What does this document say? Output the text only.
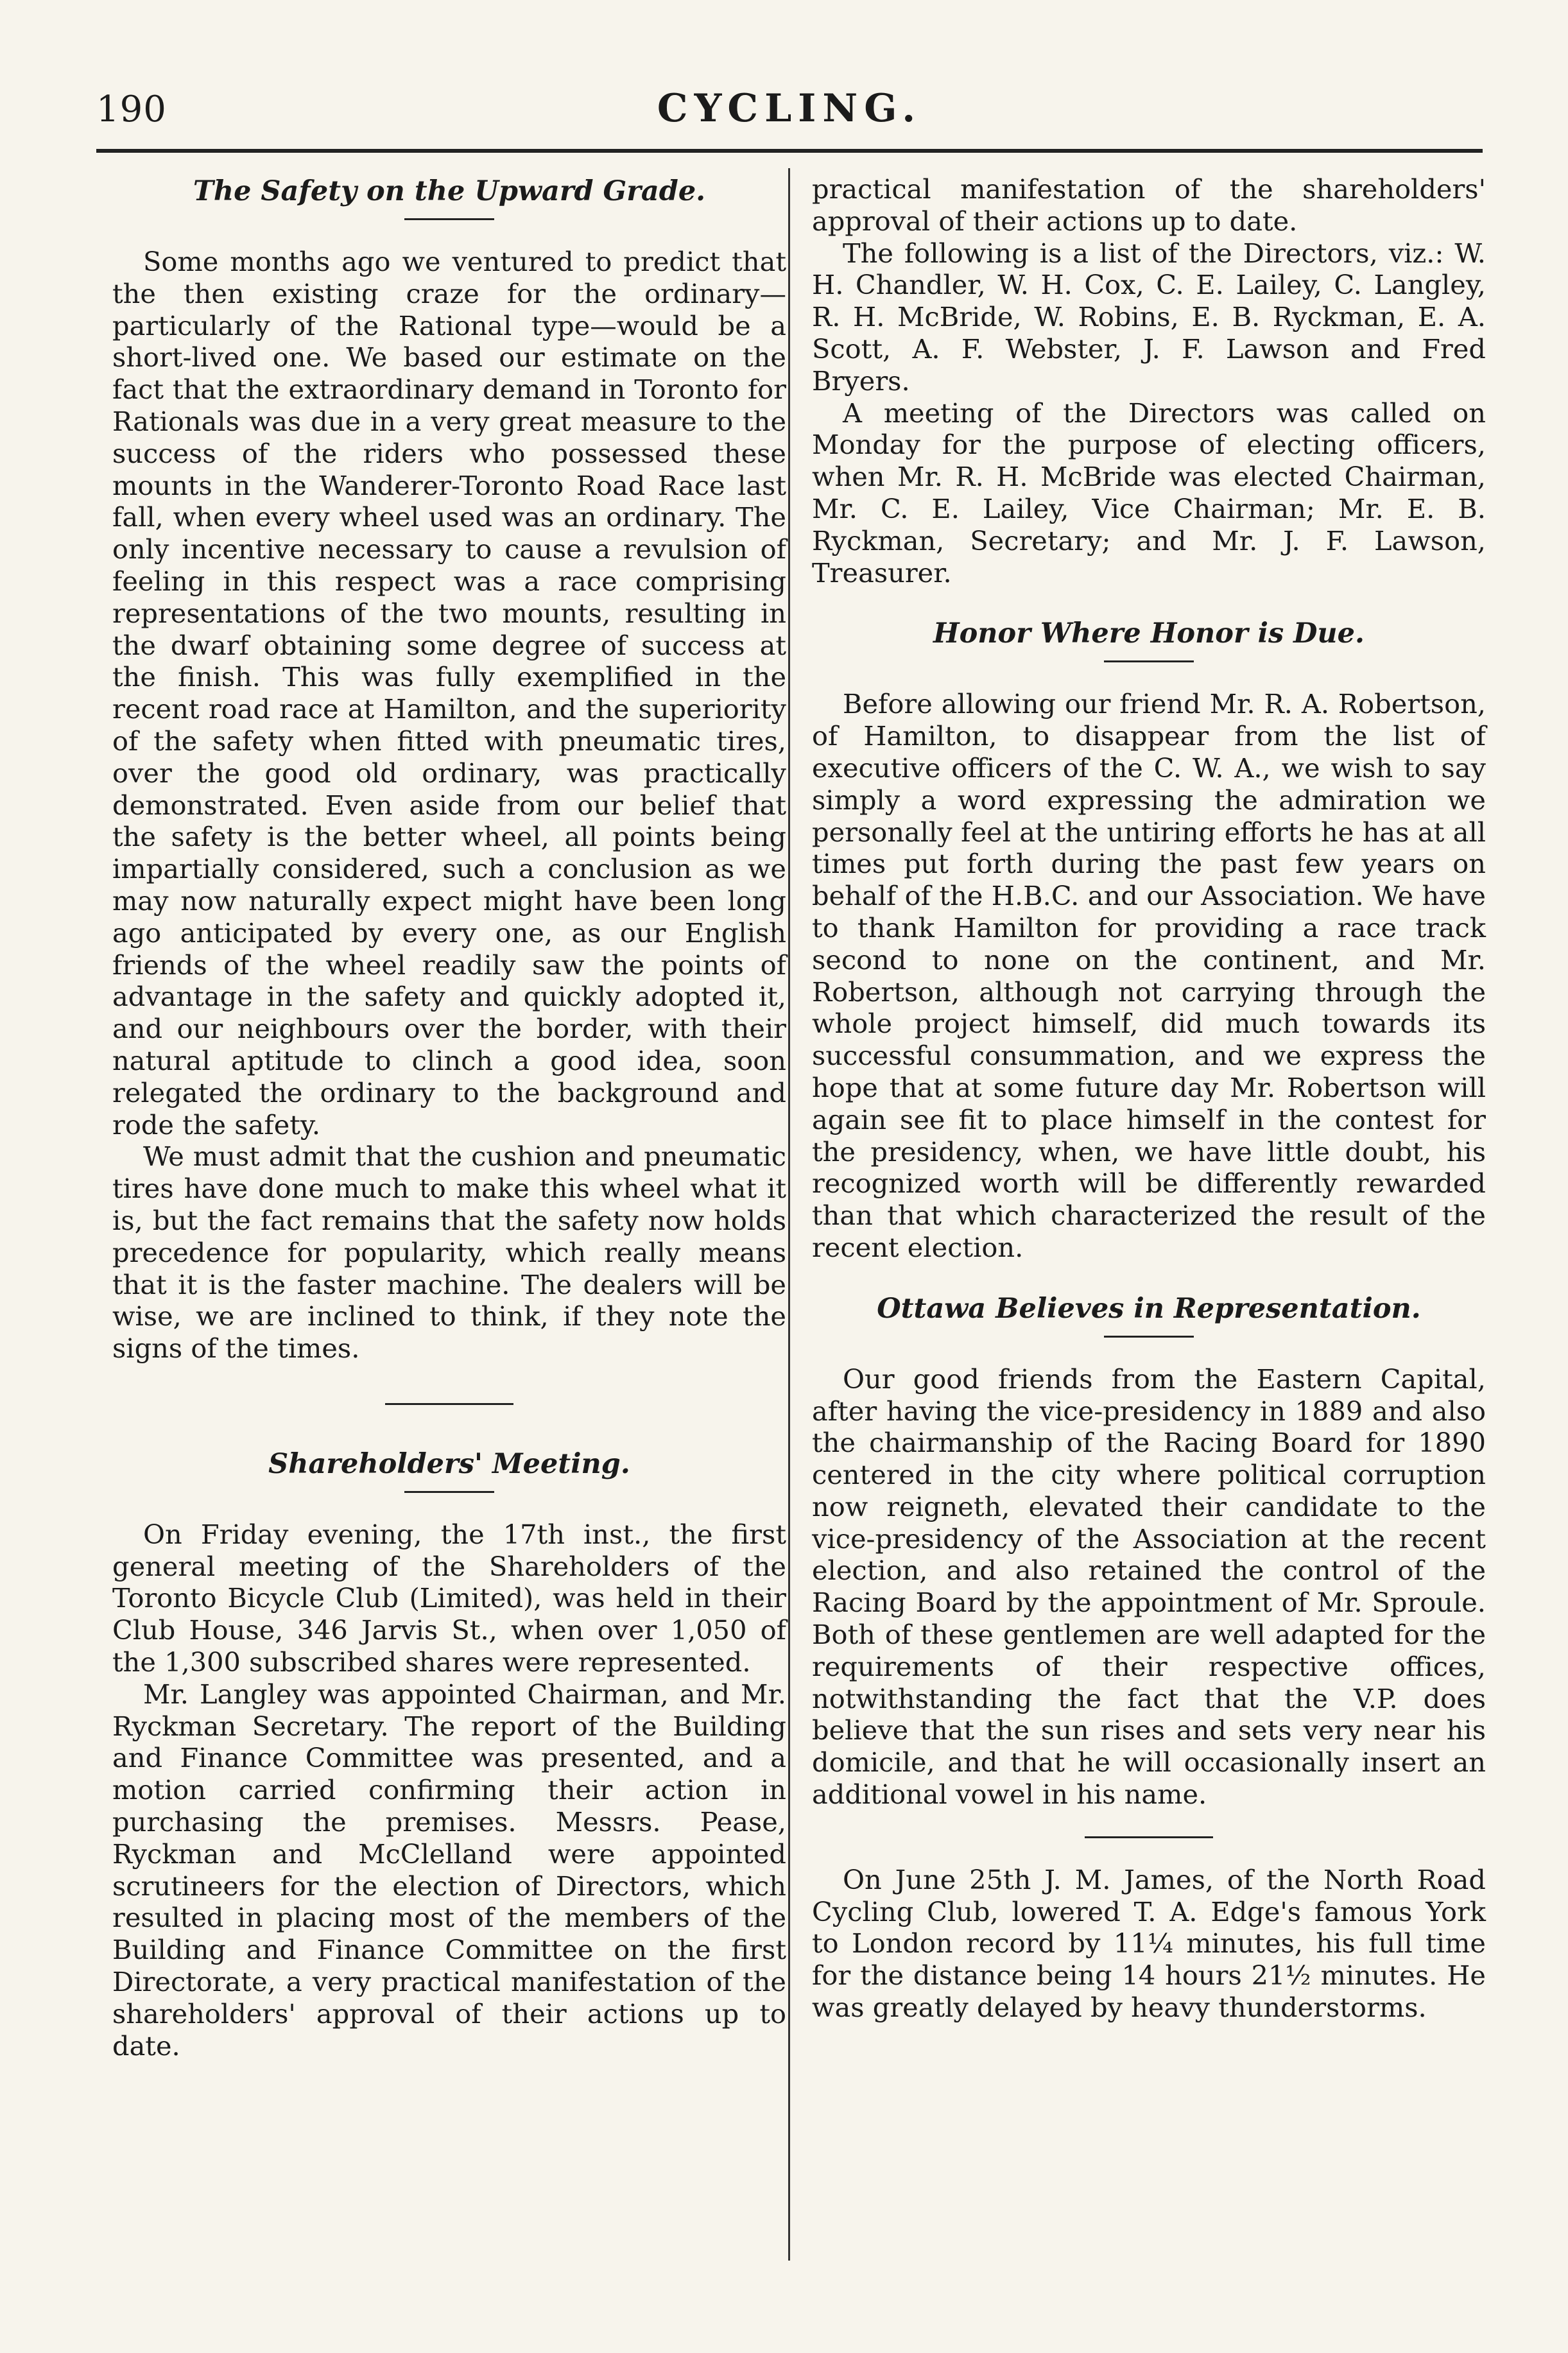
190	CYCLING.
The Safety on the Upward Grade.

Some months ago we ventured to predict that the then existing craze for the ordinary—particularly of the Rational type—would be a short-lived one. We based our estimate on the fact that the extraordinary demand in Toronto for Rationals was due in a very great measure to the success of the riders who possessed these mounts in the Wanderer-Toronto Road Race last fall, when every wheel used was an ordinary. The only incentive necessary to cause a revulsion of feeling in this respect was a race comprising representations of the two mounts, resulting in the dwarf obtaining some degree of success at the finish. This was fully exemplified in the recent road race at Hamilton, and the superiority of the safety when fitted with pneumatic tires, over the good old ordinary, was practically demonstrated. Even aside from our belief that the safety is the better wheel, all points being impartially considered, such a conclusion as we may now naturally expect might have been long ago anticipated by every one, as our English friends of the wheel readily saw the points of advantage in the safety and quickly adopted it, and our neighbours over the border, with their natural aptitude to clinch a good idea, soon relegated the ordinary to the background and rode the safety.

We must admit that the cushion and pneumatic tires have done much to make this wheel what it is, but the fact remains that the safety now holds precedence for popularity, which really means that it is the faster machine. The dealers will be wise, we are inclined to think, if they note the signs of the times.

Shareholders' Meeting.

On Friday evening, the 17th inst., the first general meeting of the Shareholders of the Toronto Bicycle Club (Limited), was held in their Club House, 346 Jarvis St., when over 1,050 of the 1,300 subscribed shares were represented.

Mr. Langley was appointed Chairman, and Mr. Ryckman Secretary. The report of the Building and Finance Committee was presented, and a motion carried confirming their action in purchasing the premises. Messrs. Pease, Ryckman and McClelland were appointed scrutineers for the election of Directors, which resulted in placing most of the members of the Building and Finance Committee on the first Directorate, a very practical manifestation of the shareholders' approval of their actions up to date.

practical manifestation of the shareholders' approval of their actions up to date.

The following is a list of the Directors, viz.: W. H. Chandler, W. H. Cox, C. E. Lailey, C. Langley, R. H. McBride, W. Robins, E. B. Ryckman, E. A. Scott, A. F. Webster, J. F. Lawson and Fred Bryers.

A meeting of the Directors was called on Monday for the purpose of electing officers, when Mr. R. H. McBride was elected Chairman, Mr. C. E. Lailey, Vice Chairman; Mr. E. B. Ryckman, Secretary; and Mr. J. F. Lawson, Treasurer.

Honor Where Honor is Due.

Before allowing our friend Mr. R. A. Robertson, of Hamilton, to disappear from the list of executive officers of the C. W. A., we wish to say simply a word expressing the admiration we personally feel at the untiring efforts he has at all times put forth during the past few years on behalf of the H.B.C. and our Association. We have to thank Hamilton for providing a race track second to none on the continent, and Mr. Robertson, although not carrying through the whole project himself, did much towards its successful consummation, and we express the hope that at some future day Mr. Robertson will again see fit to place himself in the contest for the presidency, when, we have little doubt, his recognized worth will be differently rewarded than that which characterized the result of the recent election.

Ottawa Believes in Representation.

Our good friends from the Eastern Capital, after having the vice-presidency in 1889 and also the chairmanship of the Racing Board for 1890 centered in the city where political corruption now reigneth, elevated their candidate to the vice-presidency of the Association at the recent election, and also retained the control of the Racing Board by the appointment of Mr. Sproule. Both of these gentlemen are well adapted for the requirements of their respective offices, notwithstanding the fact that the V.P. does believe that the sun rises and sets very near his domicile, and that he will occasionally insert an additional vowel in his name.

On June 25th J. M. James, of the North Road Cycling Club, lowered T. A. Edge's famous York to London record by 11¼ minutes, his full time for the distance being 14 hours 21½ minutes. He was greatly delayed by heavy thunderstorms.
